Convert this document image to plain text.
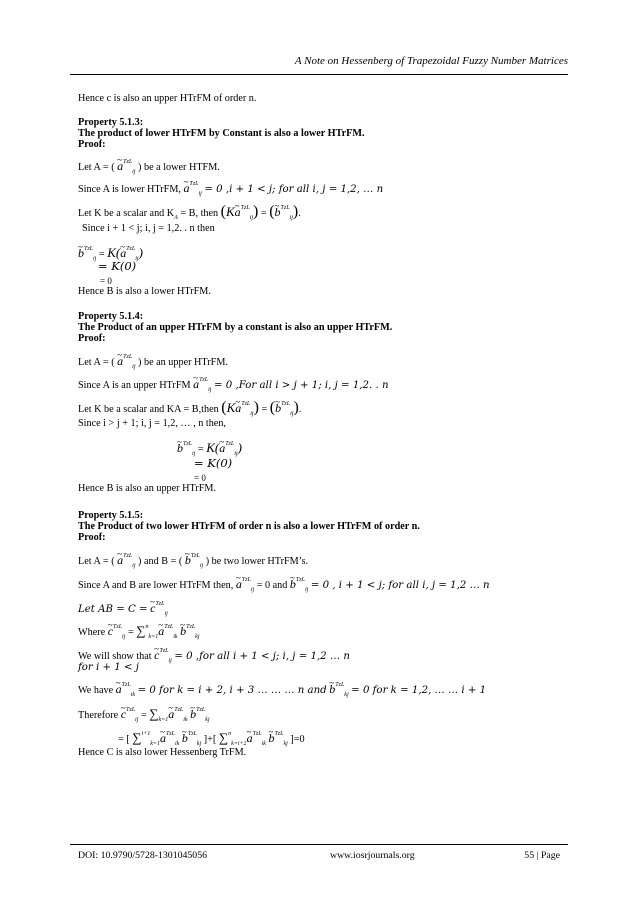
A Note on Hessenberg of Trapezoidal Fuzzy Number Matrices
Hence c is also an upper HTrFM of order n.
Property 5.1.3:
The product of lower HTrFM by Constant is also a lower HTrFM.
Proof:
Let A = ( ~ $a^{TzL}_{ij}$ ) be a lower HTFM.
Since A is lower HTrFM, ~ $a^{TzL}_{ij} = 0$ ,i + 1 < j; for all i, j = 1,2, … n
Let K be a scalar and $K_A = B$, then (K~ $a^{TzL}_{ij}$) = (~ $b^{TzL}_{ij}$).
Since i + 1 < j; i, j = 1,2. . n then
~ $b^{TzL}_{ij}$ = K(~ $a^{TzL}_{ij}$)
= K(0)
= 0
Hence B is also a lower HTrFM.
Property 5.1.4:
The Product of an upper HTrFM by a constant is also an upper HTrFM.
Proof:
Let A = ( ~ $a^{TzL}_{ij}$ ) be an upper HTrFM.
Since A is an upper HTrFM ~ $a^{TzL}_{ij} = 0$ ,For all i > j + 1; i, j = 1,2. . n
Let K be a scalar and KA = B,then (K~ $a^{TzL}_{ij}$) = (~ $b^{TzL}_{ij}$).
Since i > j + 1; i, j = 1,2, … , n then,
~ $b^{TzL}_{ij}$ = K(~ $a^{TzL}_{ij}$)
= K(0)
= 0
Hence B is also an upper HTrFM.
Property 5.1.5:
The Product of two lower HTrFM of order n is also a lower HTrFM of order n.
Proof:
Let A = ( ~ $a^{TzL}_{ij}$ ) and B = ( ~ $b^{TzL}_{ij}$ ) be two lower HTrFM’s.
Since A and B are lower HTrFM then, ~ $a^{TzL}_{ij} = 0$ and ~ $b^{TzL}_{ij} = 0$ , i + 1 < j; for all i, j = 1,2 … n
Let AB = C = ~ $c^{TzL}_{ij}$
Where ~ $c^{TzL}_{ij}$ = ∑$^n_{k=1}$~ $a^{TzL}_{ik}$ ~ $b^{TzL}_{kj}$
We will show that ~ $c^{TzL}_{ij} = 0$ ,for all i + 1 < j; i, j = 1,2 … n
for i + 1 < j
We have ~ $a^{TzL}_{ik} = 0$ for k = i + 2, i + 3 … … … n and ~ $b^{TzL}_{kj} = 0$ for k = 1,2, … … i + 1
Therefore ~ $c^{TzL}_{ij}$ = $\sum_{k=1}\sim$ $a^{TzL}_{ik}$ ~ $b^{TzL}_{kj}$
= [ ∑$^{i+1}_{k=1}$~ $a^{TzL}_{ik}$ ~ $b^{TzL}_{kj}$ ]+[ ∑$^n_{k=i+2}$~ $a^{TzL}_{ik}$ ~ $b^{TzL}_{kj}$ ]=0
Hence C is also lower Hessenberg TrFM.
DOI: 10.9790/5728-1301045056	www.iosrjournals.org	55 | Page
